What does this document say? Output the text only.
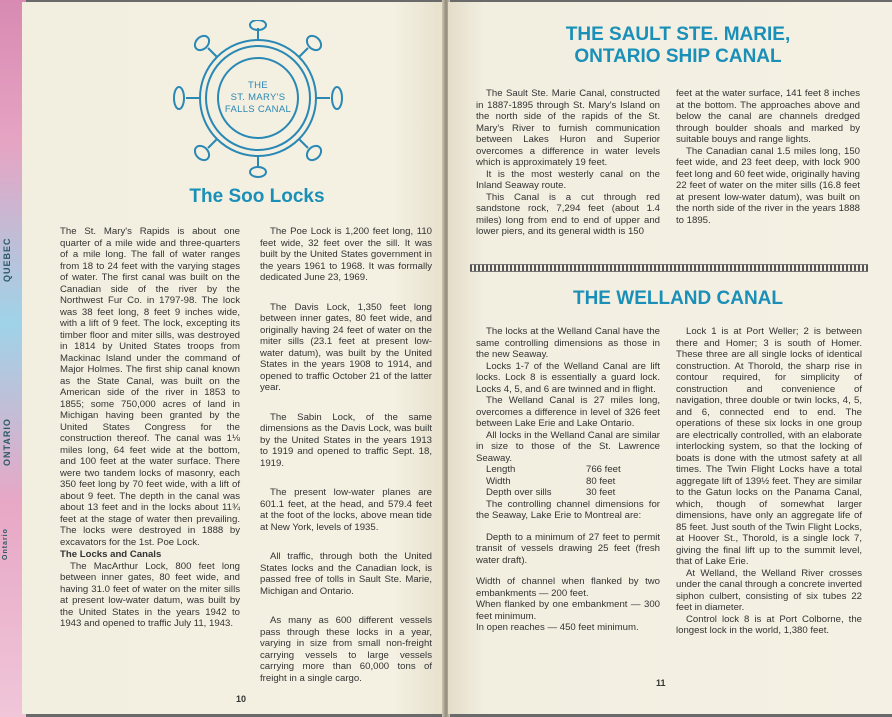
QUEBEC
ONTARIO
Ontario
THE
ST. MARY'S
FALLS CANAL
The Soo Locks

The St. Mary's Rapids is about one quarter of a mile wide and three-quarters of a mile long. The fall of water ranges from 18 to 24 feet with the varying stages of water. The first canal was built on the Canadian side of the river by the Northwest Fur Co. in 1797-98. The lock was 38 feet long, 8 feet 9 inches wide, with a lift of 9 feet. The lock, excepting its timber floor and miter sills, was destroyed in 1814 by United States troops from Mackinac Island under the command of Major Holmes. The first ship canal known as the State Canal, was built on the American side of the river in 1853 to 1855; some 750,000 acres of land in Michigan having been granted by the United States Congress for the construction thereof. The canal was 1⅛ miles long, 64 feet wide at the bottom, and 100 feet at the water surface. There were two tandem locks of masonry, each 350 feet long by 70 feet wide, with a lift of about 9 feet. The depth in the canal was about 13 feet and in the locks about 11¾ feet at the stage of water then prevailing. The locks were destroyed in 1888 by excavators for the 1st. Poe Lock.

The Locks and Canals

The MacArthur Lock, 800 feet long between inner gates, 80 feet wide, and having 31.0 feet of water on the miter sills at present low-water datum, was built by the United States in the years 1942 to 1943 and opened to traffic July 11, 1943.

The Poe Lock is 1,200 feet long, 110 feet wide, 32 feet over the sill. It was built by the United States government in the years 1961 to 1968. It was formally dedicated June 23, 1969.

The Davis Lock, 1,350 feet long between inner gates, 80 feet wide, and originally having 24 feet of water on the miter sills (23.1 feet at present low-water datum), was built by the United States in the years 1908 to 1914, and opened to traffic October 21 of the latter year.

The Sabin Lock, of the same dimensions as the Davis Lock, was built by the United States in the years 1913 to 1919 and opened to traffic Sept. 18, 1919.

The present low-water planes are 601.1 feet, at the head, and 579.4 feet at the foot of the locks, above mean tide at New York, levels of 1935.

All traffic, through both the United States locks and the Canadian lock, is passed free of tolls in Sault Ste. Marie, Michigan and Ontario.

As many as 600 different vessels pass through these locks in a year, varying in size from small non-freight carrying vessels to large vessels carrying more than 60,000 tons of freight in a single cargo.

10
THE SAULT STE. MARIE,
ONTARIO SHIP CANAL

The Sault Ste. Marie Canal, constructed in 1887-1895 through St. Mary's Island on the north side of the rapids of the St. Mary's River to furnish communication between Lakes Huron and Superior overcomes a difference in water levels which is approximately 19 feet.

It is the most westerly canal on the Inland Seaway route.

This Canal is a cut through red sandstone rock, 7,294 feet (about 1.4 miles) long from end to end of upper and lower piers, and its general width is 150

feet at the water surface, 141 feet 8 inches at the bottom. The approaches above and below the canal are channels dredged through boulder shoals and marked by suitable bouys and range lights.

The Canadian canal 1.5 miles long, 150 feet wide, and 23 feet deep, with lock 900 feet long and 60 feet wide, originally having 22 feet of water on the miter sills (16.8 feet at present low-water datum), was built on the north side of the river in the years 1888 to 1895.

THE WELLAND CANAL

The locks at the Welland Canal have the same controlling dimensions as those in the new Seaway.

Locks 1-7 of the Welland Canal are lift locks. Lock 8 is essentially a guard lock. Locks 4, 5, and 6 are twinned and in flight.

The Welland Canal is 27 miles long, overcomes a difference in level of 326 feet between Lake Erie and Lake Ontario.

All locks in the Welland Canal are similar in size to those of the St. Lawrence Seaway.

Length	766 feet
Width	80 feet
Depth over sills	30 feet

The controlling channel dimensions for the Seaway, Lake Erie to Montreal are:

Depth to a minimum of 27 feet to permit transit of vessels drawing 25 feet (fresh water draft).

Width of channel when flanked by two embankments — 200 feet.

When flanked by one embankment — 300 feet minimum.

In open reaches — 450 feet minimum.

Lock 1 is at Port Weller; 2 is between there and Homer; 3 is south of Homer. These three are all single locks of identical construction. At Thorold, the sharp rise in contour required, for simplicity of construction and convenience of navigation, three double or twin locks, 4, 5, and 6, connected end to end. The operations of these six locks in one group are electrically controlled, with an elaborate interlocking system, so that the locking of boats is done with the utmost safety at all times. The Twin Flight Locks have a total aggregate lift of 139½ feet. They are similar to the Gatun locks on the Panama Canal, which, though of somewhat larger dimensions, have only an aggregate life of 85 feet. Just south of the Twin Flight Locks, at Hoover St., Thorold, is a single lock 7, giving the final lift up to the summit level, that of Lake Erie.

At Welland, the Welland River crosses under the canal through a concrete inverted siphon culbert, consisting of six tubes 22 feet in diameter.

Control lock 8 is at Port Colborne, the longest lock in the world, 1,380 feet.

11
